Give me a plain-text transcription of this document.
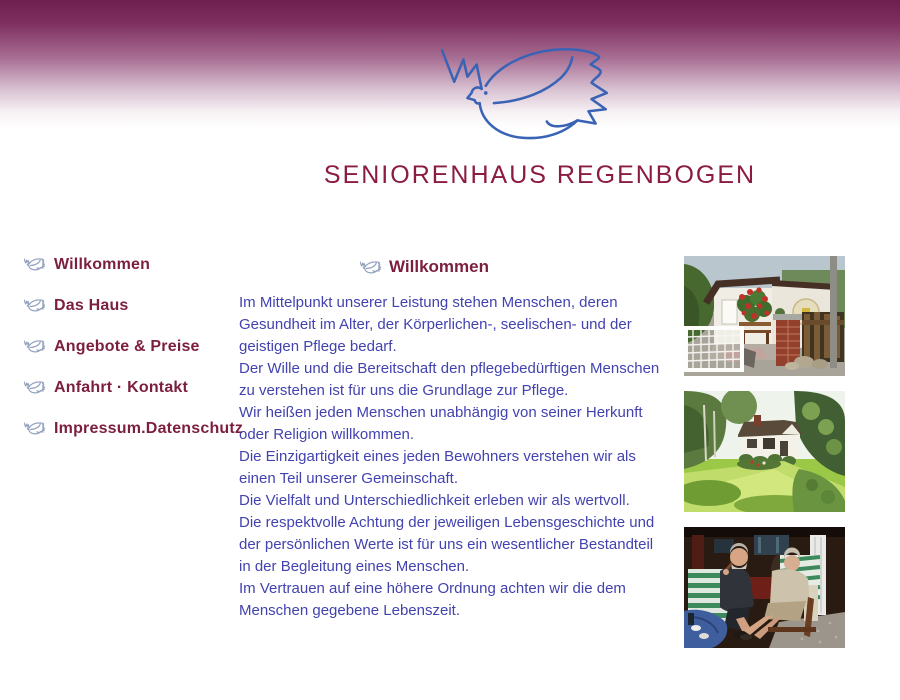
SENIORENHAUS REGENBOGEN
Willkommen
Das Haus
Angebote & Preise
Anfahrt · Kontakt
Impressum.Datenschutz
Willkommen

Im Mittelpunkt unserer Leistung stehen Menschen, deren Gesundheit im Alter, der Körperlichen-, seelischen- und der geistigen Pflege bedarf.

Der Wille und die Bereitschaft den pflegebedürftigen Menschen zu verstehen ist für uns die Grundlage zur Pflege.

Wir heißen jeden Menschen unabhängig von seiner Herkunft oder Religion willkommen.

Die Einzigartigkeit eines jeden Bewohners verstehen wir als einen Teil unserer Gemeinschaft.

Die Vielfalt und Unterschiedlichkeit erleben wir als wertvoll.

Die respektvolle Achtung der jeweiligen Lebensgeschichte und der persönlichen Werte ist für uns ein wesentlicher Bestandteil in der Begleitung eines Menschen.

Im Vertrauen auf eine höhere Ordnung achten wir die dem Menschen gegebene Lebenszeit.
